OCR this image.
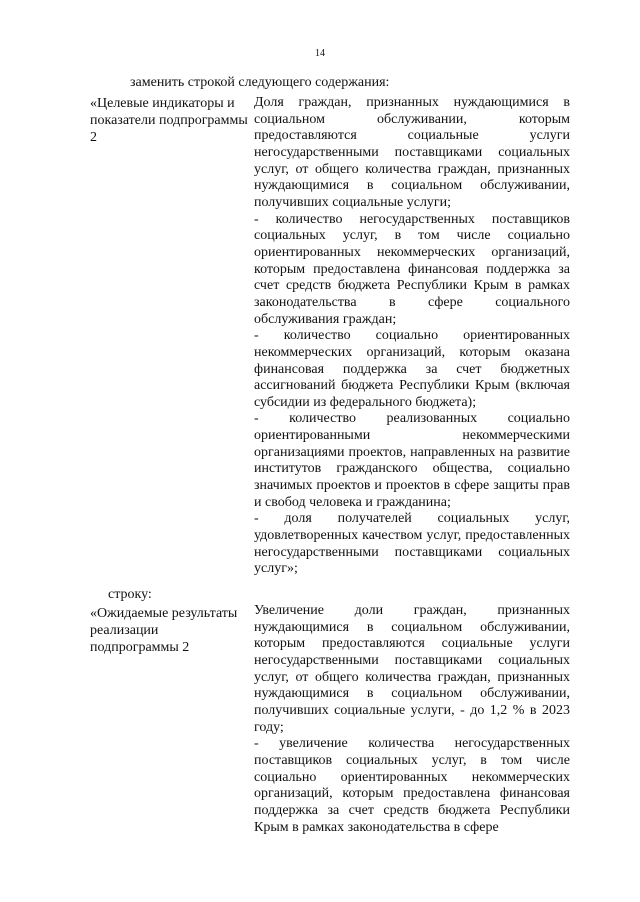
14
заменить строкой следующего содержания:
«Целевые индикаторы и показатели подпрограммы 2

Доля граждан, признанных нуждающимися в социальном обслуживании, которым предоставляются социальные услуги негосударственными поставщиками социальных услуг, от общего количества граждан, признанных нуждающимися в социальном обслуживании, получивших социальные услуги;

- количество негосударственных поставщиков социальных услуг, в том числе социально ориентированных некоммерческих организаций, которым предоставлена финансовая поддержка за счет средств бюджета Республики Крым в рамках законодательства в сфере социального обслуживания граждан;

- количество социально ориентированных некоммерческих организаций, которым оказана финансовая поддержка за счет бюджетных ассигнований бюджета Республики Крым (включая субсидии из федерального бюджета);

- количество реализованных социально ориентированными некоммерческими организациями проектов, направленных на развитие институтов гражданского общества, социально значимых проектов и проектов в сфере защиты прав и свобод человека и гражданина;

- доля получателей социальных услуг, удовлетворенных качеством услуг, предоставленных негосударственными поставщиками социальных услуг»;

строку:
«Ожидаемые результаты реализации подпрограммы 2

Увеличение доли граждан, признанных нуждающимися в социальном обслуживании, которым предоставляются социальные услуги негосударственными поставщиками социальных услуг, от общего количества граждан, признанных нуждающимися в социальном обслуживании, получивших социальные услуги, - до 1,2 % в 2023 году;

- увеличение количества негосударственных поставщиков социальных услуг, в том числе социально ориентированных некоммерческих организаций, которым предоставлена финансовая поддержка за счет средств бюджета Республики Крым в рамках законодательства в сфере
